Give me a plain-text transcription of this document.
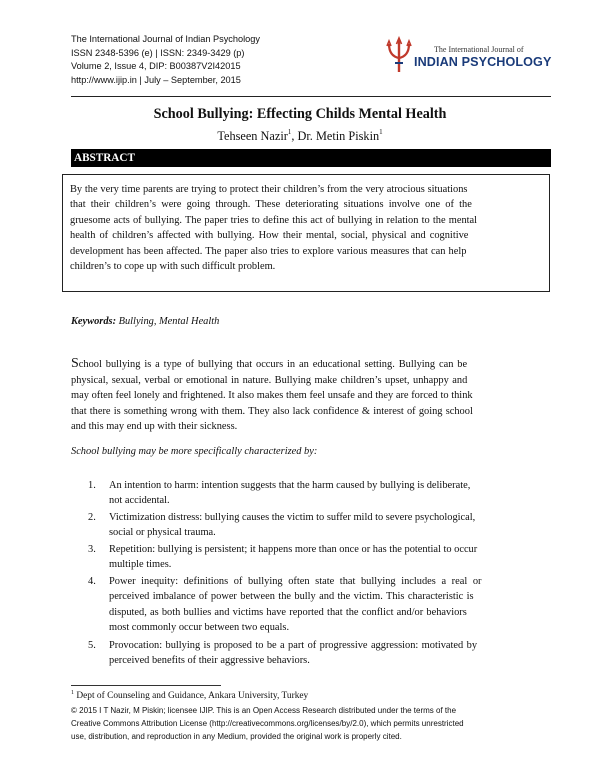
The International Journal of Indian Psychology
ISSN 2348-5396 (e) | ISSN: 2349-3429 (p)
Volume 2, Issue 4, DIP: B00387V2I42015
http://www.ijip.in | July – September, 2015
The International Journal of
INDIAN PSYCHOLOGY
School Bullying: Effecting Childs Mental Health
Tehseen Nazir$^1$, Dr. Metin Piskin$^1$
ABSTRACT
By the very time parents are trying to protect their children’s from the very atrocious situations
that their children’s were going through. These deteriorating situations involve one of the
gruesome acts of bullying. The paper tries to define this act of bullying in relation to the mental
health of children’s affected with bullying. How their mental, social, physical and cognitive
development has been affected. The paper also tries to explore various measures that can help
children’s to cope up with such difficult problem.
Keywords: Bullying, Mental Health
School bullying is a type of bullying that occurs in an educational setting. Bullying can be
physical, sexual, verbal or emotional in nature. Bullying make children’s upset, unhappy and
may often feel lonely and frightened. It also makes them feel unsafe and they are forced to think
that there is something wrong with them. They also lack confidence & interest of going school
and this may end up with their sickness.
School bullying may be more specifically characterized by:
1.	An intention to harm: intention suggests that the harm caused by bullying is deliberate,
not accidental.
2.	Victimization distress: bullying causes the victim to suffer mild to severe psychological,
social or physical trauma.
3.	Repetition: bullying is persistent; it happens more than once or has the potential to occur
multiple times.
4.	Power inequity: definitions of bullying often state that bullying includes a real or
perceived imbalance of power between the bully and the victim. This characteristic is
disputed, as both bullies and victims have reported that the conflict and/or behaviors
most commonly occur between two equals.
5.	Provocation: bullying is proposed to be a part of progressive aggression: motivated by
perceived benefits of their aggressive behaviors.
$^1$ Dept of Counseling and Guidance, Ankara University, Turkey
© 2015 I T Nazir, M Piskin; licensee IJIP. This is an Open Access Research distributed under the terms of the
Creative Commons Attribution License (http://creativecommons.org/licenses/by/2.0), which permits unrestricted
use, distribution, and reproduction in any Medium, provided the original work is properly cited.
